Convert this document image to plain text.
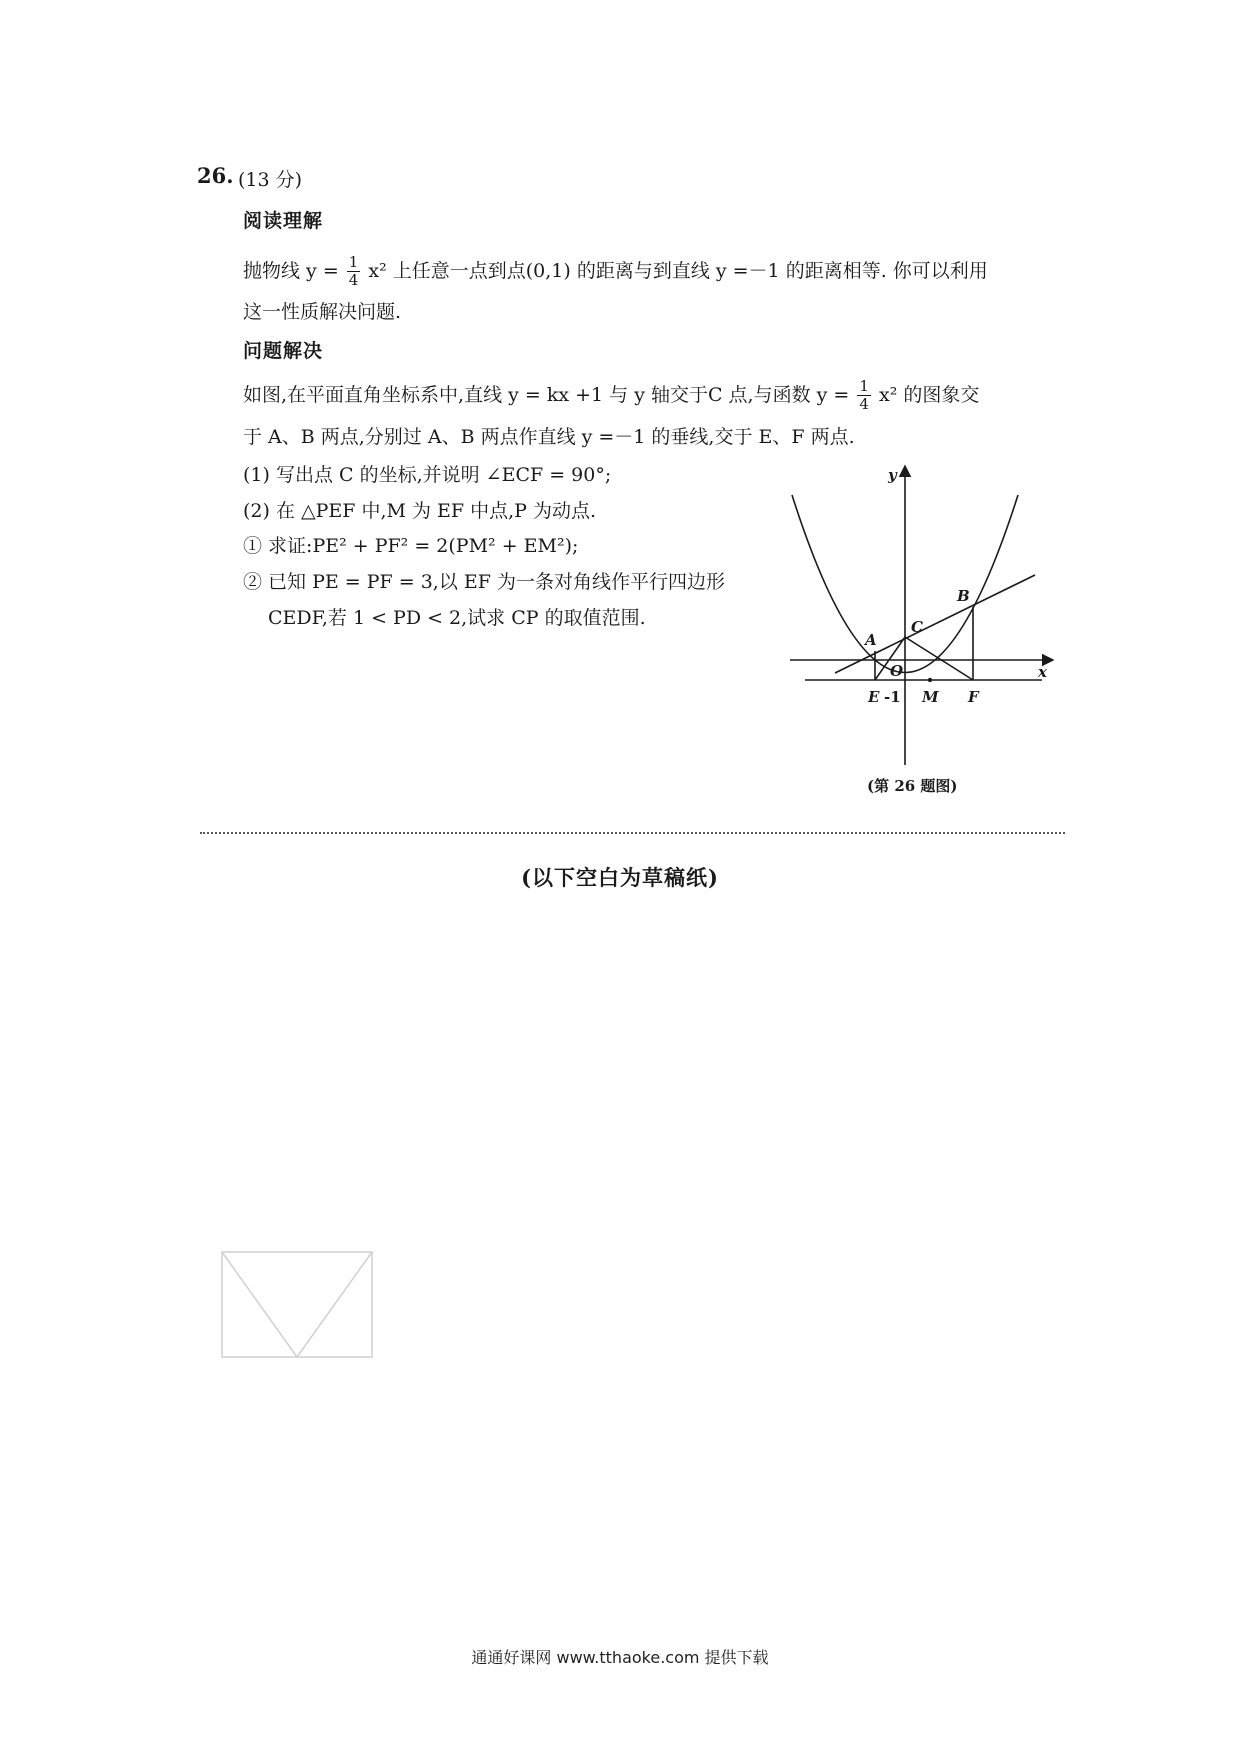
26. (13 分)
阅读理解
抛物线 $y = \frac{1}{4} x^2$ 上任意一点到点(0,1) 的距离与到直线 y =－1 的距离相等. 你可以利用
这一性质解决问题.
问题解决
如图,在平面直角坐标系中,直线 y = kx +1 与 y 轴交于C 点,与函数 $y = \frac{1}{4} x^2$ 的图象交
于 A、B 两点,分别过 A、B 两点作直线 y =－1 的垂线,交于 E、F 两点.
(1) 写出点 C 的坐标,并说明 ∠ECF = 90°;
(2) 在 △PEF 中,M 为 EF 中点,P 为动点.
① 求证:PE² + PF² = 2(PM² + EM²);
② 已知 PE = PF = 3,以 EF 为一条对角线作平行四边形
CEDF,若 1 < PD < 2,试求 CP 的取值范围.
y
x
A
B
C
O
E -1 M F
(第 26 题图)
(以下空白为草稿纸)
通通好课网 www.tthaoke.com 提供下载
